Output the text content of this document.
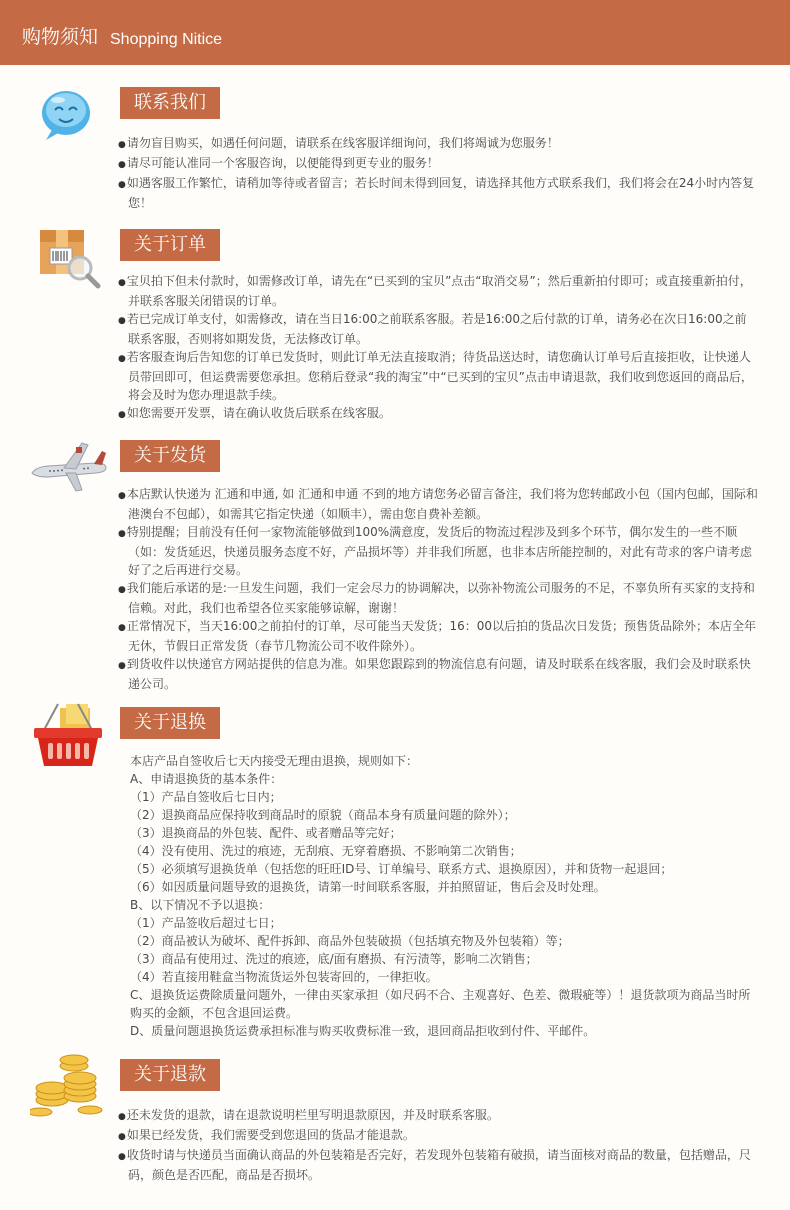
购物须知 Shopping Nitice
联系我们

● 请勿盲目购买，如遇任何问题，请联系在线客服详细询问，我们将竭诚为您服务！

● 请尽可能认准同一个客服咨询，以便能得到更专业的服务！

● 如遇客服工作繁忙，请稍加等待或者留言；若长时间未得到回复，请选择其他方式联系我们，我们将会在24小时内答复您！

关于订单

● 宝贝拍下但未付款时，如需修改订单，请先在“已买到的宝贝”点击“取消交易”；然后重新拍付即可；或直接重新拍付，并联系客服关闭错误的订单。

● 若已完成订单支付，如需修改，请在当日16:00之前联系客服。若是16:00之后付款的订单，请务必在次日16:00之前联系客服，否则将如期发货，无法修改订单。

● 若客服查询后告知您的订单已发货时，则此订单无法直接取消；待货品送达时，请您确认订单号后直接拒收，让快递人员带回即可，但运费需要您承担。您稍后登录“我的淘宝”中“已买到的宝贝”点击申请退款，我们收到您返回的商品后，将会及时为您办理退款手续。

● 如您需要开发票，请在确认收货后联系在线客服。

关于发货

● 本店默认快递为 汇通和申通, 如 汇通和申通 不到的地方请您务必留言备注，我们将为您转邮政小包（国内包邮，国际和港澳台不包邮），如需其它指定快递（如顺丰），需由您自费补差额。

● 特别提醒；目前没有任何一家物流能够做到100%满意度，发货后的物流过程涉及到多个环节，偶尔发生的一些不顺（如：发货延迟，快递员服务态度不好，产品损坏等）并非我们所愿，也非本店所能控制的，对此有苛求的客户请考虑好了之后再进行交易。

● 我们能后承诺的是:一旦发生问题，我们一定会尽力的协调解决，以弥补物流公司服务的不足，不辜负所有买家的支持和信赖。对此，我们也希望各位买家能够谅解，谢谢！

● 正常情况下，当天16:00之前拍付的订单，尽可能当天发货；16：00以后拍的货品次日发货；预售货品除外；本店全年无休，节假日正常发货（春节几物流公司不收件除外）。

● 到货收件以快递官方网站提供的信息为准。如果您跟踪到的物流信息有问题，请及时联系在线客服，我们会及时联系快递公司。

关于退换

本店产品自签收后七天内接受无理由退换，规则如下：

A、申请退换货的基本条件：

（1）产品自签收后七日内；

（2）退换商品应保持收到商品时的原貌（商品本身有质量问题的除外）；

（3）退换商品的外包装、配件、或者赠品等完好；

（4）没有使用、洗过的痕迹，无刮痕、无穿着磨损、不影响第二次销售；

（5）必须填写退换货单（包括您的旺旺ID号、订单编号、联系方式、退换原因），并和货物一起退回；

（6）如因质量问题导致的退换货，请第一时间联系客服，并拍照留证，售后会及时处理。

B、以下情况不予以退换：

（1）产品签收后超过七日；

（2）商品被认为破坏、配件拆卸、商品外包装破损（包括填充物及外包装箱）等；

（3）商品有使用过、洗过的痕迹，底/面有磨损、有污渍等，影响二次销售；

（4）若直接用鞋盒当物流货运外包装寄回的，一律拒收。

C、退换货运费除质量问题外，一律由买家承担（如尺码不合、主观喜好、色差、微瑕疵等）！退货款项为商品当时所购买的金额，不包含退回运费。

D、质量问题退换货运费承担标准与购买收费标准一致，退回商品拒收到付件、平邮件。

关于退款

● 还未发货的退款，请在退款说明栏里写明退款原因，并及时联系客服。

● 如果已经发货，我们需要受到您退回的货品才能退款。

● 收货时请与快递员当面确认商品的外包装箱是否完好，若发现外包装箱有破损，请当面核对商品的数量，包括赠品，尺码，颜色是否匹配，商品是否损坏。
